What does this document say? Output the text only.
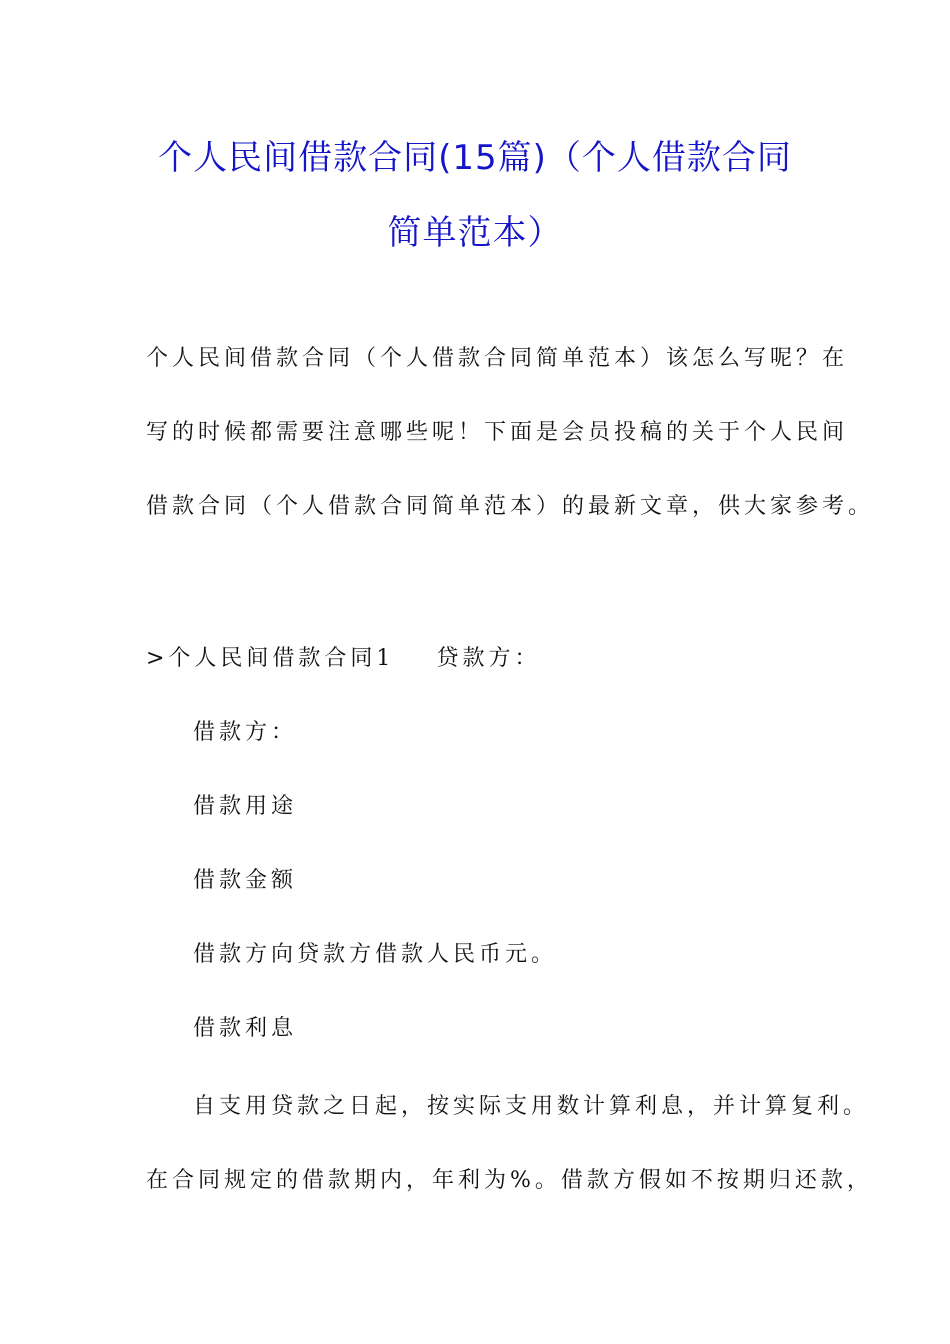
个人民间借款合同(15篇)（个人借款合同
简单范本）
个人民间借款合同（个人借款合同简单范本）该怎么写呢？在
写的时候都需要注意哪些呢！下面是会员投稿的关于个人民间
借款合同（个人借款合同简单范本）的最新文章，供大家参考。
>个人民间借款合同1 贷款方：
借款方：
借款用途
借款金额
借款方向贷款方借款人民币元。
借款利息
自支用贷款之日起，按实际支用数计算利息，并计算复利。
在合同规定的借款期内，年利为%。借款方假如不按期归还款，
